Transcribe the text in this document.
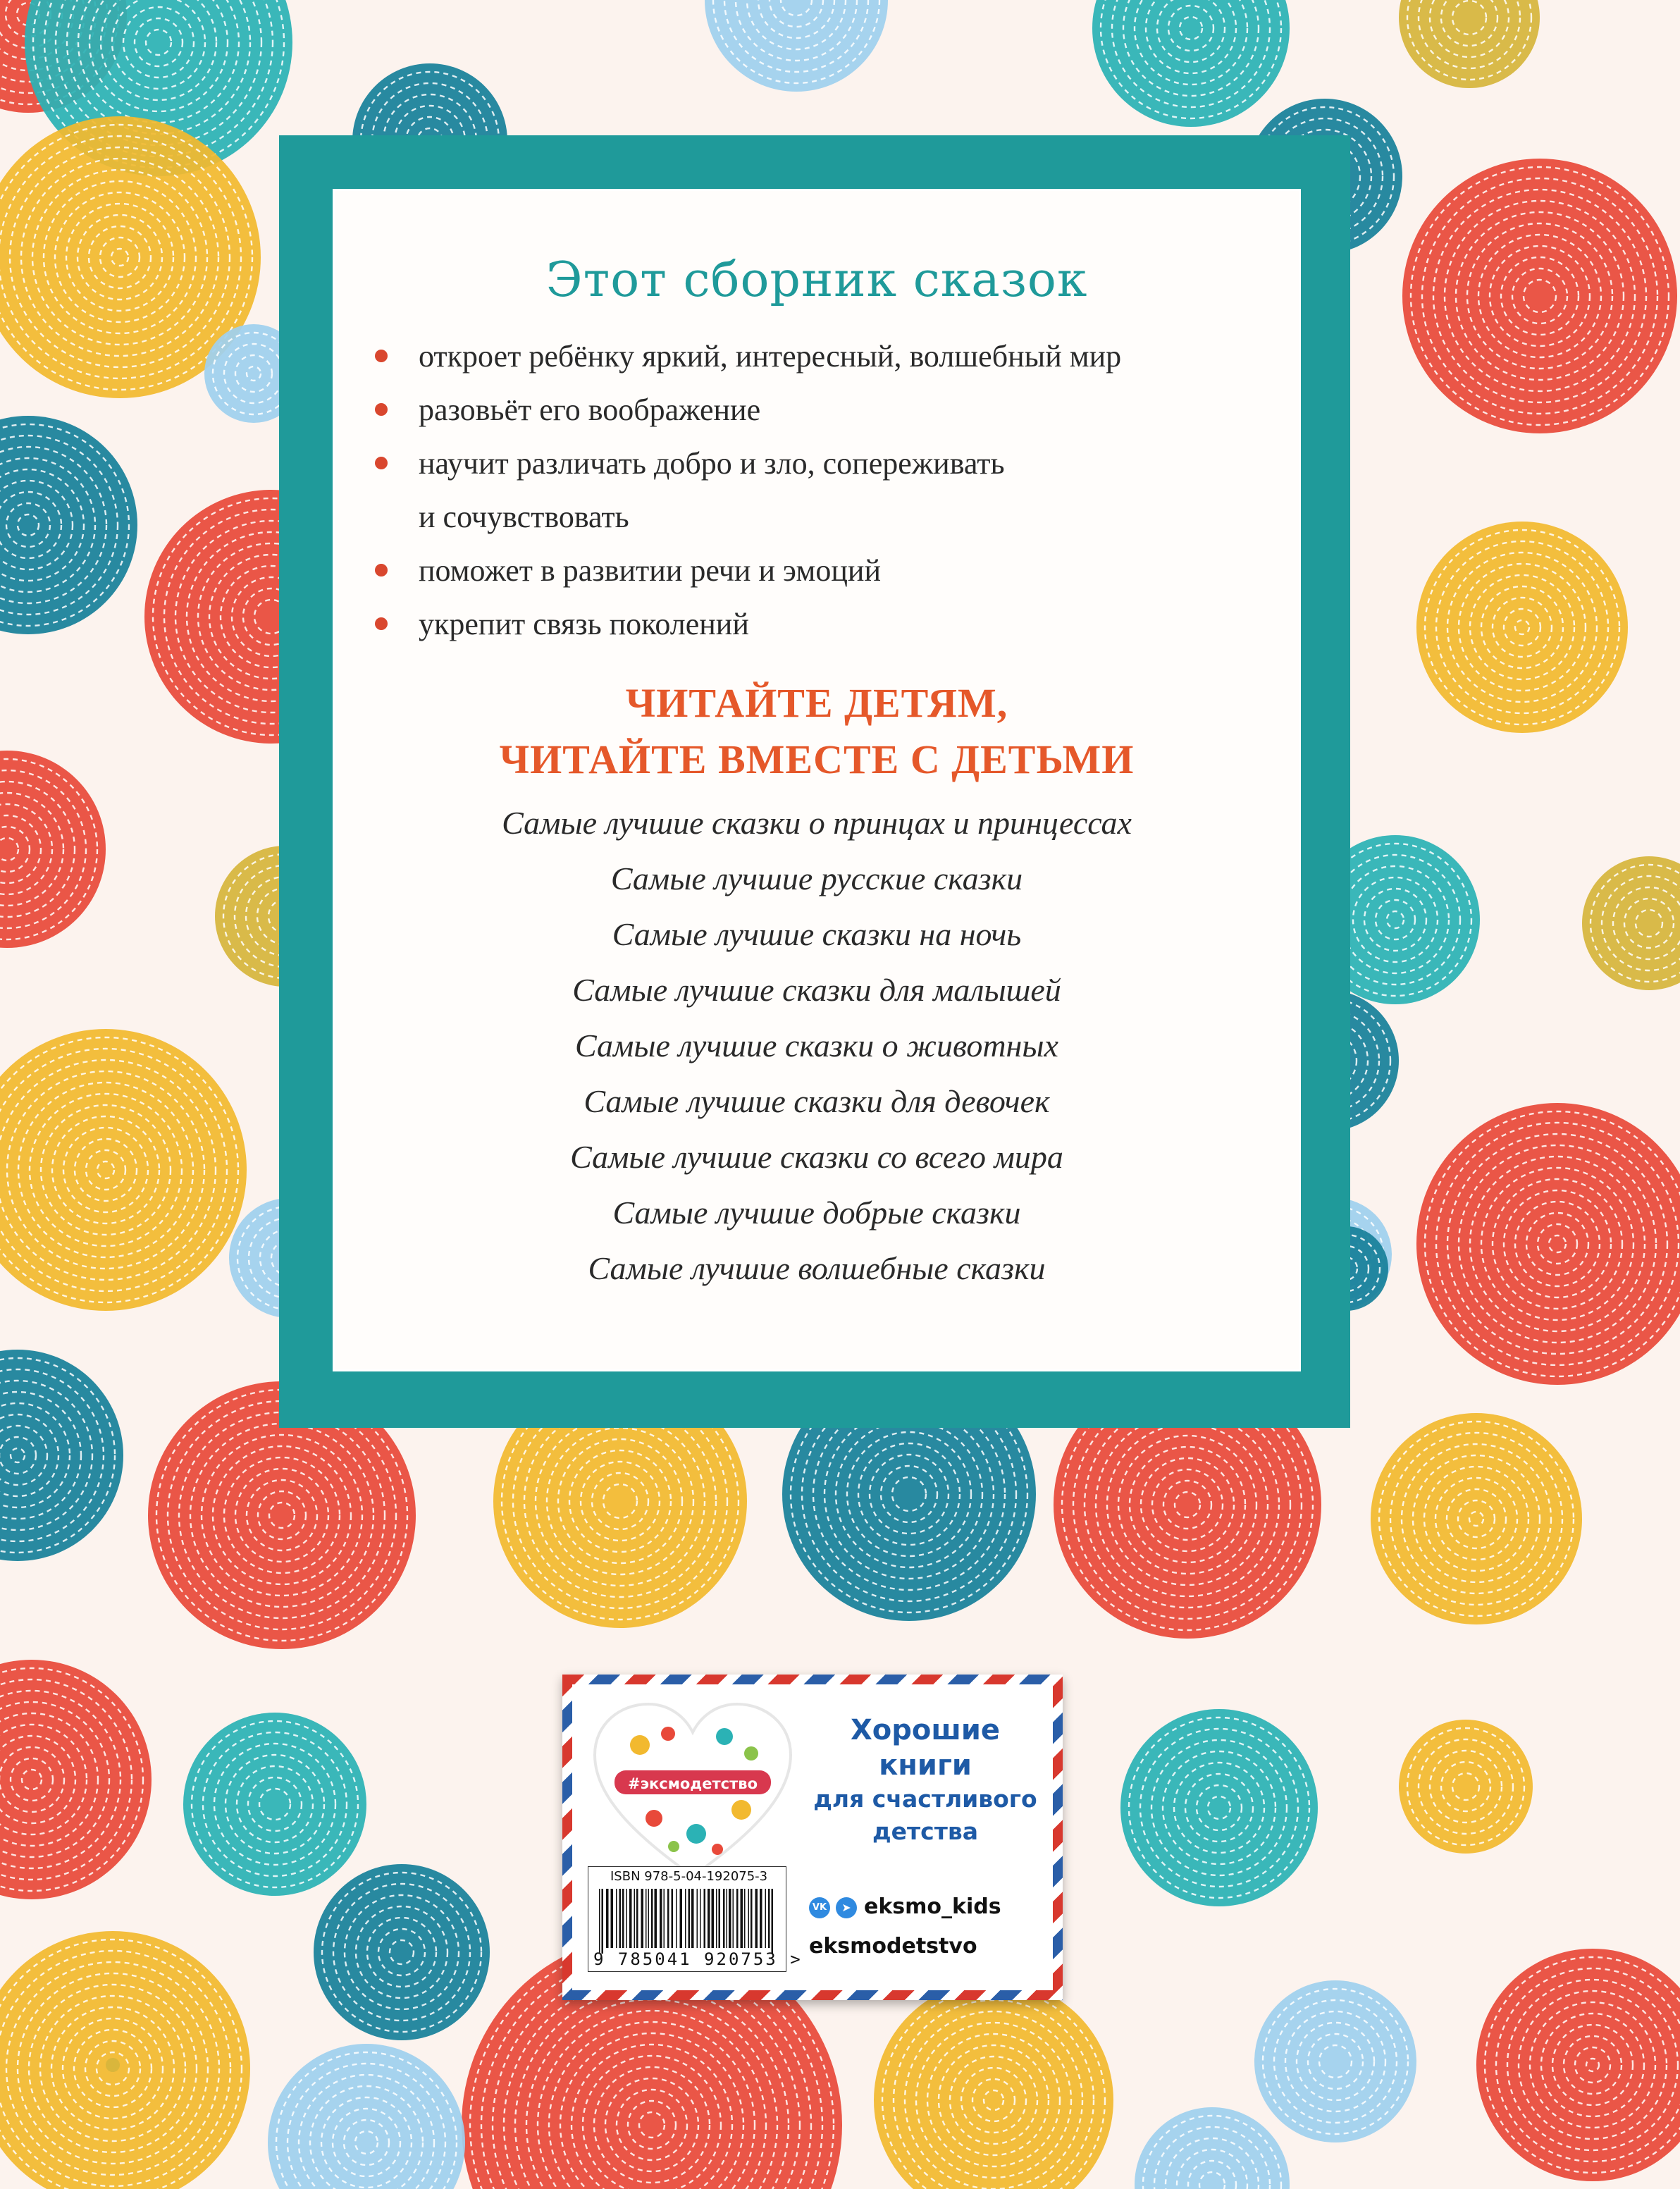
Этот сборник сказок
откроет ребёнку яркий, интересный, волшебный мир
разовьёт его воображение
научит различать добро и зло, сопереживать
и сочувствовать
поможет в развитии речи и эмоций
укрепит связь поколений
ЧИТАЙТЕ ДЕТЯМ,
ЧИТАЙТЕ ВМЕСТЕ С ДЕТЬМИ
Самые лучшие сказки о принцах и принцессах
Самые лучшие русские сказки
Самые лучшие сказки на ночь
Самые лучшие сказки для малышей
Самые лучшие сказки о животных
Самые лучшие сказки для девочек
Самые лучшие сказки со всего мира
Самые лучшие добрые сказки
Самые лучшие волшебные сказки
#эксмодетство
Хорошие
книги
для счастливого
детства
ISBN 978-5-04-192075-3
9 785041 920753 >
VK ➤ eksmo_kids
eksmodetstvo
